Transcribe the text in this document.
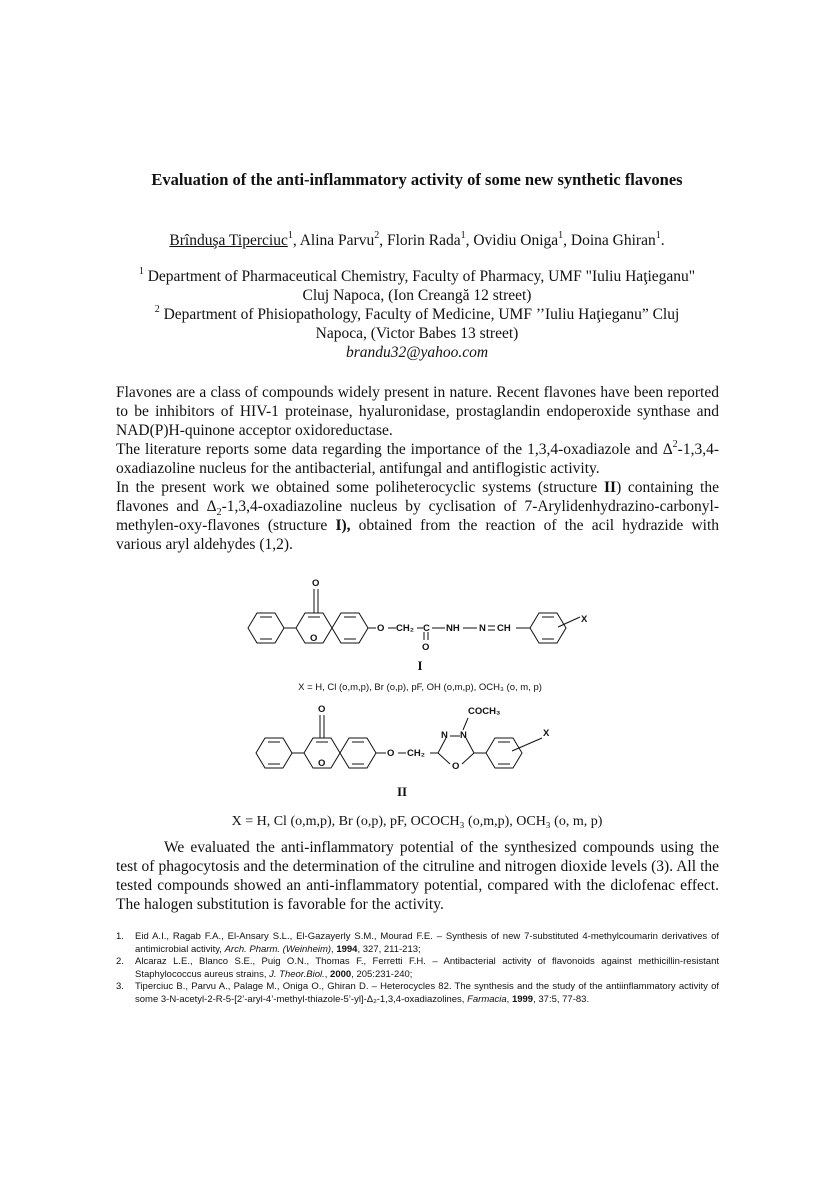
Evaluation of the anti-inflammatory activity of some new synthetic flavones
Brînduşa Tiperciuc$^1$, Alina Parvu$^2$, Florin Rada$^1$, Ovidiu Oniga$^1$, Doina Ghiran$^1$.
$^1$ Department of Pharmaceutical Chemistry, Faculty of Pharmacy, UMF "Iuliu Haţieganu"
Cluj Napoca, (Ion Creangă 12 street)
$^2$ Department of Phisiopathology, Faculty of Medicine, UMF ’’Iuliu Haţieganu” Cluj
Napoca, (Victor Babes 13 street)
brandu32@yahoo.com
Flavones are a class of compounds widely present in nature. Recent flavones have been reported to be inhibitors of HIV-1 proteinase, hyaluronidase, prostaglandin endoperoxide synthase and NAD(P)H-quinone acceptor oxidoreductase.
The literature reports some data regarding the importance of the 1,3,4-oxadiazole and $\Delta^2-1,3,4$-oxadiazoline nucleus for the antibacterial, antifungal and antiflogistic activity.
In the present work we obtained some poliheterocyclic systems (structure II) containing the flavones and $\Delta_2-1,3,4$-oxadiazoline nucleus by cyclisation of 7-Arylidenhydrazino-carbonyl-methylen-oxy-flavones (structure I), obtained from the reaction of the acil hydrazide with various aryl aldehydes (1,2).
O
O
O CH₂ C
O
NH N CH
X
I
X = H, Cl (o,m,p), Br (o,p), pF, OH (o,m,p), OCH₃ (o, m, p)
O
O
O CH₂
N N
COCH₃
O
X
II
X = H, Cl (o,m,p), Br (o,p), pF, OCOCH₃ (o,m,p), OCH₃ (o, m, p)
We evaluated the anti-inflammatory potential of the synthesized compounds using the test of phagocytosis and the determination of the citruline and nitrogen dioxide levels (3). All the tested compounds showed an anti-inflammatory potential, compared with the diclofenac effect. The halogen substitution is favorable for the activity.
1.	Eid A.I., Ragab F.A., El-Ansary S.L., El-Gazayerly S.M., Mourad F.E. – Synthesis of new 7-substituted 4-methylcoumarin derivatives of antimicrobial activity, Arch. Pharm. (Weinheim), 1994, 327, 211-213;
2.	Alcaraz L.E., Blanco S.E., Puig O.N., Thomas F., Ferretti F.H. – Antibacterial activity of flavonoids against methicillin-resistant Staphylococcus aureus strains, J. Theor.Biol., 2000, 205:231-240;
3.	Tiperciuc B., Parvu A., Palage M., Oniga O., Ghiran D. – Heterocycles 82. The synthesis and the study of the antiinflammatory activity of some 3-N-acetyl-2-R-5-[2’-aryl-4’-methyl-thiazole-5’-yl]-Δ₂-1,3,4-oxadiazolines, Farmacia, 1999, 37:5, 77-83.
